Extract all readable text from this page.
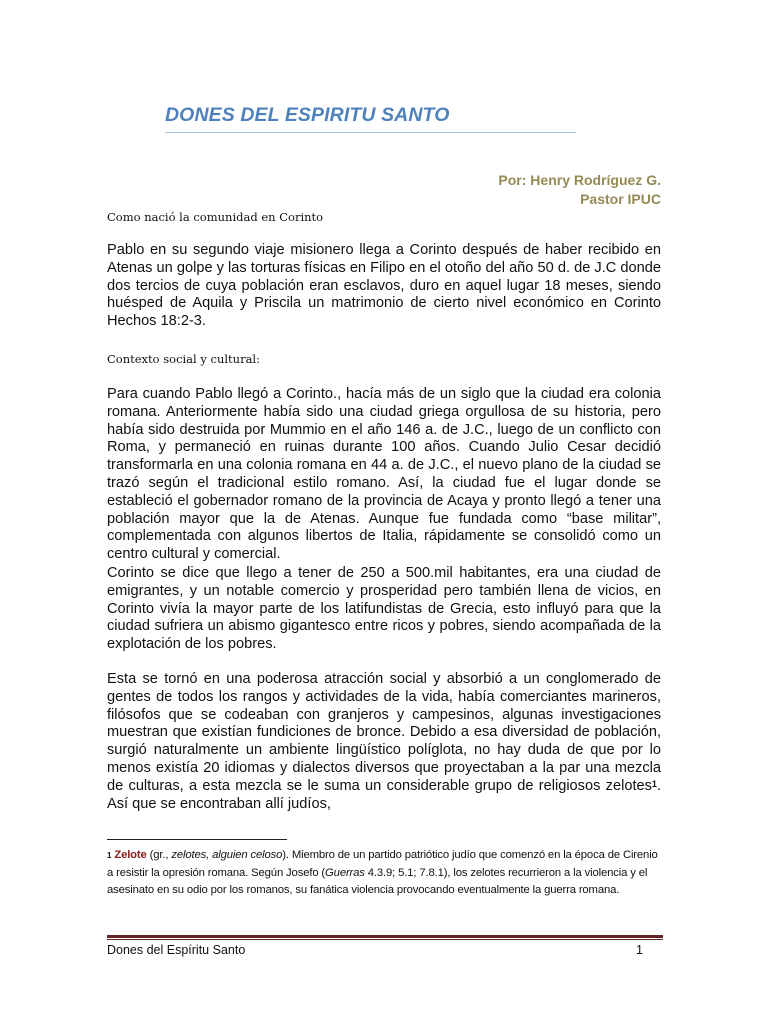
DONES DEL ESPIRITU SANTO
Por: Henry Rodríguez G.
Pastor IPUC

Como nació la comunidad en Corinto

Pablo en su segundo viaje misionero llega a Corinto después de haber recibido en Atenas un golpe y las torturas físicas en Filipo en el otoño del año 50 d. de J.C donde dos tercios de cuya población eran esclavos, duro en aquel lugar 18 meses, siendo huésped de Aquila y Priscila un matrimonio de cierto nivel económico en Corinto Hechos 18:2-3.

Contexto social y cultural:

Para cuando Pablo llegó a Corinto., hacía más de un siglo que la ciudad era colonia romana. Anteriormente había sido una ciudad griega orgullosa de su historia, pero había sido destruida por Mummio en el año 146 a. de J.C., luego de un conflicto con Roma, y permaneció en ruinas durante 100 años. Cuando Julio Cesar decidió transformarla en una colonia romana en 44 a. de J.C., el nuevo plano de la ciudad se trazó según el tradicional estilo romano. Así, la ciudad fue el lugar donde se estableció el gobernador romano de la provincia de Acaya y pronto llegó a tener una población mayor que la de Atenas. Aunque fue fundada como “base militar”, complementada con algunos libertos de Italia, rápidamente se consolidó como un centro cultural y comercial.

Corinto se dice que llego a tener de 250 a 500.mil habitantes, era una ciudad de emigrantes, y un notable comercio y prosperidad pero también llena de vicios, en Corinto vivía la mayor parte de los latifundistas de Grecia, esto influyó para que la ciudad sufriera un abismo gigantesco entre ricos y pobres, siendo acompañada de la explotación de los pobres.

Esta se tornó en una poderosa atracción social y absorbió a un conglomerado de gentes de todos los rangos y actividades de la vida, había comerciantes marineros, filósofos que se codeaban con granjeros y campesinos, algunas investigaciones muestran que existían fundiciones de bronce. Debido a esa diversidad de población, surgió naturalmente un ambiente lingüístico políglota, no hay duda de que por lo menos existía 20 idiomas y dialectos diversos que proyectaban a la par una mezcla de culturas, a esta mezcla se le suma un considerable grupo de religiosos zelotes$^1$. Así que se encontraban allí judíos,

$^1$ Zelote (gr., zelotes, alguien celoso). Miembro de un partido patriótico judío que comenzó en la época de Cirenio a resistir la opresión romana. Según Josefo (Guerras 4.3.9; 5.1; 7.8.1), los zelotes recurrieron a la violencia y el asesinato en su odio por los romanos, su fanática violencia provocando eventualmente la guerra romana.

Dones del Espíritu Santo	1
